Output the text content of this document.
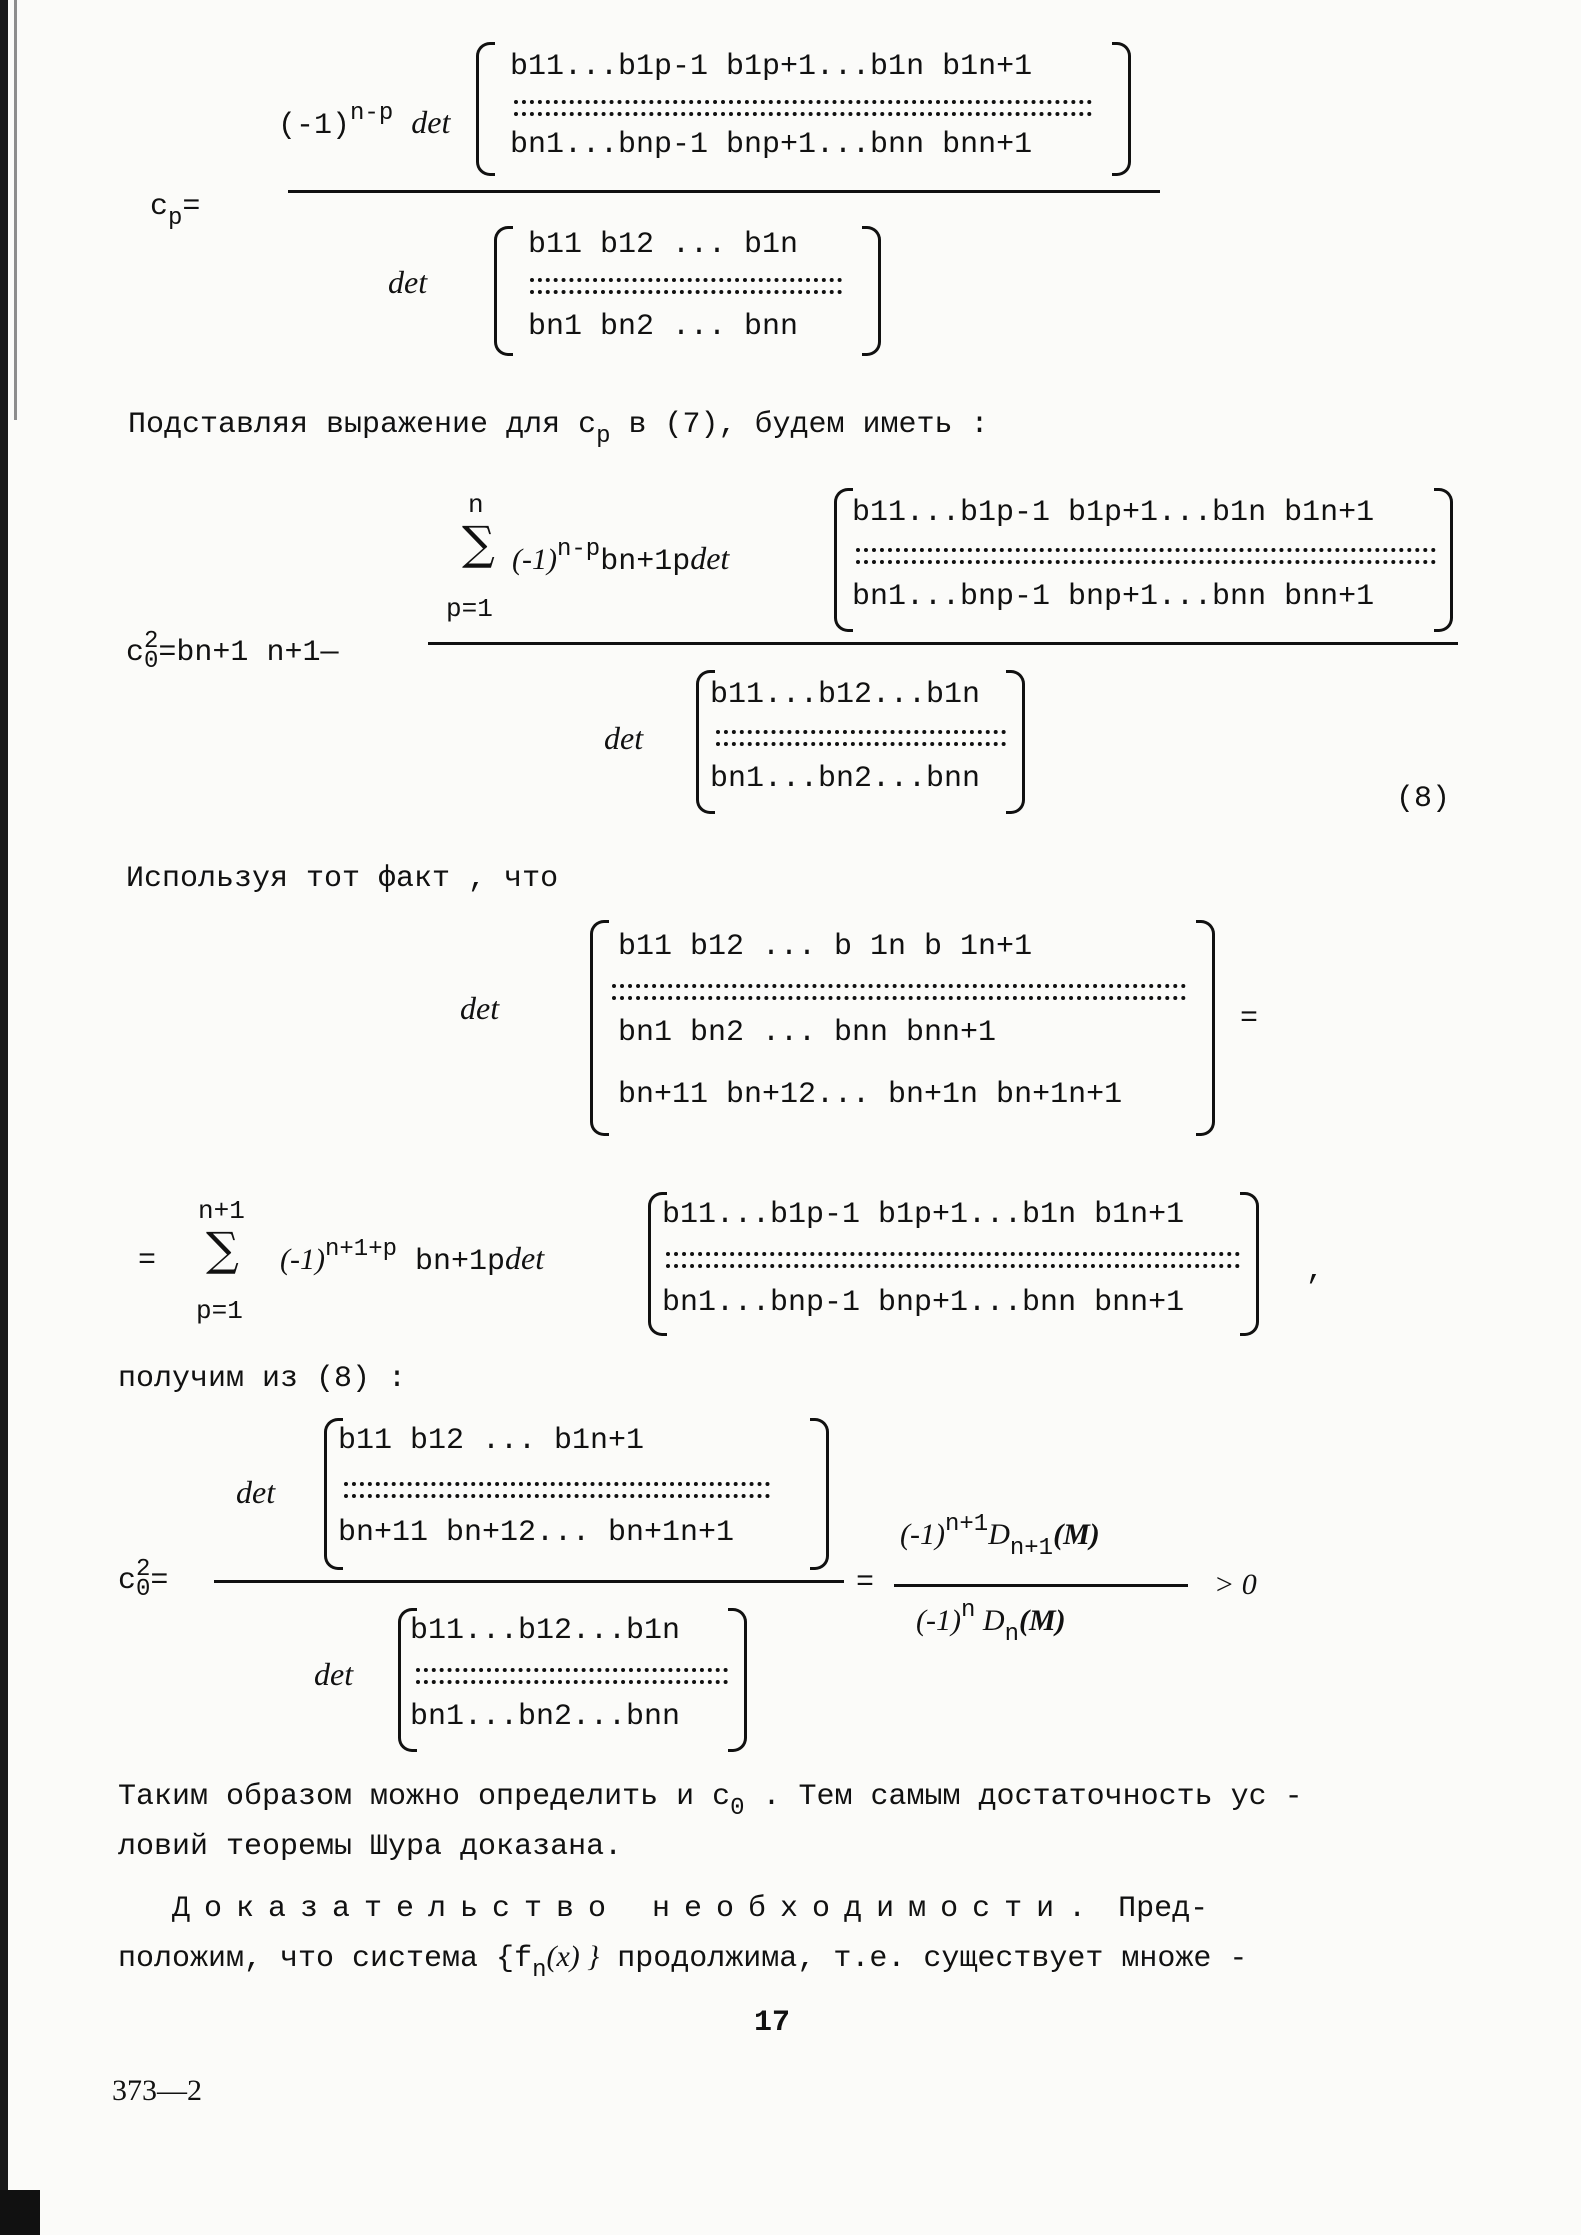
$c_p=$
$(-1)^{n-p}$ det
b11...b1p-1 b1p+1...b1n b1n+1
bn1...bnp-1 bnp+1...bnn bnn+1
det
b11 b12 ... b1n
bn1 bn2 ... bnn
Подставляя выражение для $c_p$ в (7), будем иметь :
c2
0=bn+1 n+1—
n
∑
p=1
$(-1)^{n-p}bn+1pdet$
b11...b1p-1 b1p+1...b1n b1n+1
bn1...bnp-1 bnp+1...bnn bnn+1
det
b11...b12...b1n
bn1...bn2...bnn
(8)
Используя тот факт , что
det
b11 b12 ... b 1n b 1n+1
bn1 bn2 ... bnn bnn+1
bn+11 bn+12... bn+1n bn+1n+1
=
=
n+1
∑
p=1
$(-1)^{n+1+p}$ bn+1pdet
b11...b1p-1 b1p+1...b1n b1n+1
bn1...bnp-1 bnp+1...bnn bnn+1
,
получим из (8) :
c2
0=
det
b11 b12 ... b1n+1
bn+11 bn+12... bn+1n+1
det
b11...b12...b1n
bn1...bn2...bnn
=
$(-1)^{n+1}D_{n+1}(M)$
$(-1)^n$ $D_n(M)$
> 0
Таким образом можно определить и $c_0$ . Тем самым достаточность ус -
ловий теоремы Шура доказана.
Доказательство необходимости. Пред-
положим, что система {$f_n(x)$ } продолжима, т.е. существует множе -
17
373—2
